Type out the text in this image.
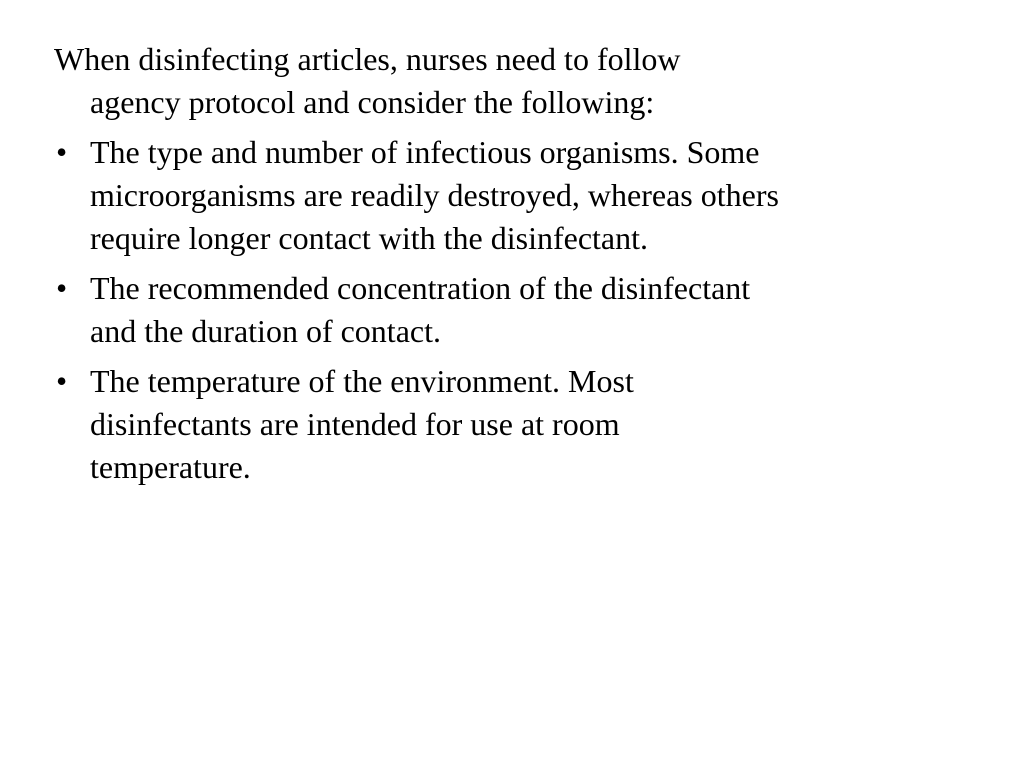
When disinfecting articles, nurses need to follow
agency protocol and consider the following:

• The type and number of infectious organisms. Some
microorganisms are readily destroyed, whereas others
require longer contact with the disinfectant.
• The recommended concentration of the disinfectant
and the duration of contact.
• The temperature of the environment. Most
disinfectants are intended for use at room
temperature.
